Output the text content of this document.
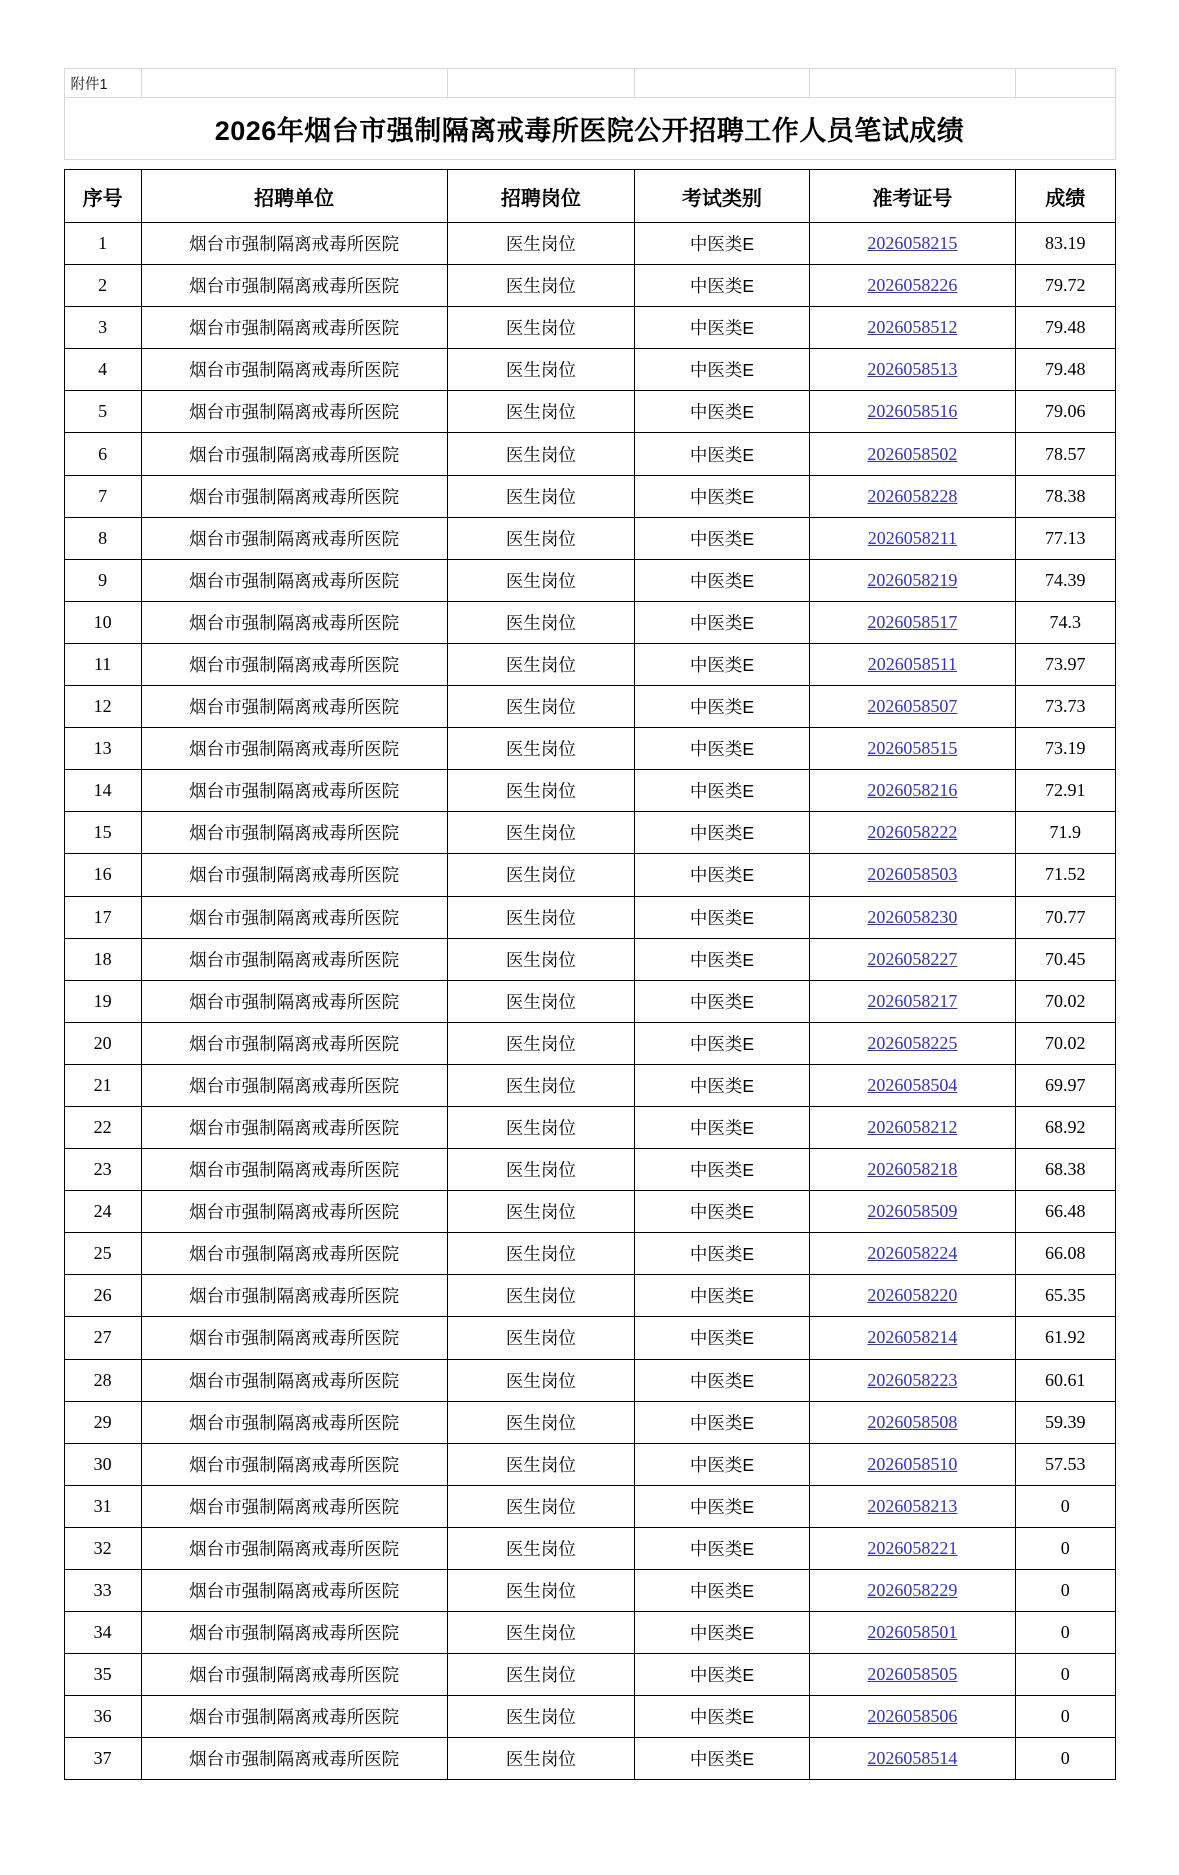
附件1					
2026年烟台市强制隔离戒毒所医院公开招聘工作人员笔试成绩
序号	招聘单位	招聘岗位	考试类别	准考证号	成绩
1	烟台市强制隔离戒毒所医院	医生岗位	中医类E	2026058215	83.19
2	烟台市强制隔离戒毒所医院	医生岗位	中医类E	2026058226	79.72
3	烟台市强制隔离戒毒所医院	医生岗位	中医类E	2026058512	79.48
4	烟台市强制隔离戒毒所医院	医生岗位	中医类E	2026058513	79.48
5	烟台市强制隔离戒毒所医院	医生岗位	中医类E	2026058516	79.06
6	烟台市强制隔离戒毒所医院	医生岗位	中医类E	2026058502	78.57
7	烟台市强制隔离戒毒所医院	医生岗位	中医类E	2026058228	78.38
8	烟台市强制隔离戒毒所医院	医生岗位	中医类E	2026058211	77.13
9	烟台市强制隔离戒毒所医院	医生岗位	中医类E	2026058219	74.39
10	烟台市强制隔离戒毒所医院	医生岗位	中医类E	2026058517	74.3
11	烟台市强制隔离戒毒所医院	医生岗位	中医类E	2026058511	73.97
12	烟台市强制隔离戒毒所医院	医生岗位	中医类E	2026058507	73.73
13	烟台市强制隔离戒毒所医院	医生岗位	中医类E	2026058515	73.19
14	烟台市强制隔离戒毒所医院	医生岗位	中医类E	2026058216	72.91
15	烟台市强制隔离戒毒所医院	医生岗位	中医类E	2026058222	71.9
16	烟台市强制隔离戒毒所医院	医生岗位	中医类E	2026058503	71.52
17	烟台市强制隔离戒毒所医院	医生岗位	中医类E	2026058230	70.77
18	烟台市强制隔离戒毒所医院	医生岗位	中医类E	2026058227	70.45
19	烟台市强制隔离戒毒所医院	医生岗位	中医类E	2026058217	70.02
20	烟台市强制隔离戒毒所医院	医生岗位	中医类E	2026058225	70.02
21	烟台市强制隔离戒毒所医院	医生岗位	中医类E	2026058504	69.97
22	烟台市强制隔离戒毒所医院	医生岗位	中医类E	2026058212	68.92
23	烟台市强制隔离戒毒所医院	医生岗位	中医类E	2026058218	68.38
24	烟台市强制隔离戒毒所医院	医生岗位	中医类E	2026058509	66.48
25	烟台市强制隔离戒毒所医院	医生岗位	中医类E	2026058224	66.08
26	烟台市强制隔离戒毒所医院	医生岗位	中医类E	2026058220	65.35
27	烟台市强制隔离戒毒所医院	医生岗位	中医类E	2026058214	61.92
28	烟台市强制隔离戒毒所医院	医生岗位	中医类E	2026058223	60.61
29	烟台市强制隔离戒毒所医院	医生岗位	中医类E	2026058508	59.39
30	烟台市强制隔离戒毒所医院	医生岗位	中医类E	2026058510	57.53
31	烟台市强制隔离戒毒所医院	医生岗位	中医类E	2026058213	0
32	烟台市强制隔离戒毒所医院	医生岗位	中医类E	2026058221	0
33	烟台市强制隔离戒毒所医院	医生岗位	中医类E	2026058229	0
34	烟台市强制隔离戒毒所医院	医生岗位	中医类E	2026058501	0
35	烟台市强制隔离戒毒所医院	医生岗位	中医类E	2026058505	0
36	烟台市强制隔离戒毒所医院	医生岗位	中医类E	2026058506	0
37	烟台市强制隔离戒毒所医院	医生岗位	中医类E	2026058514	0
